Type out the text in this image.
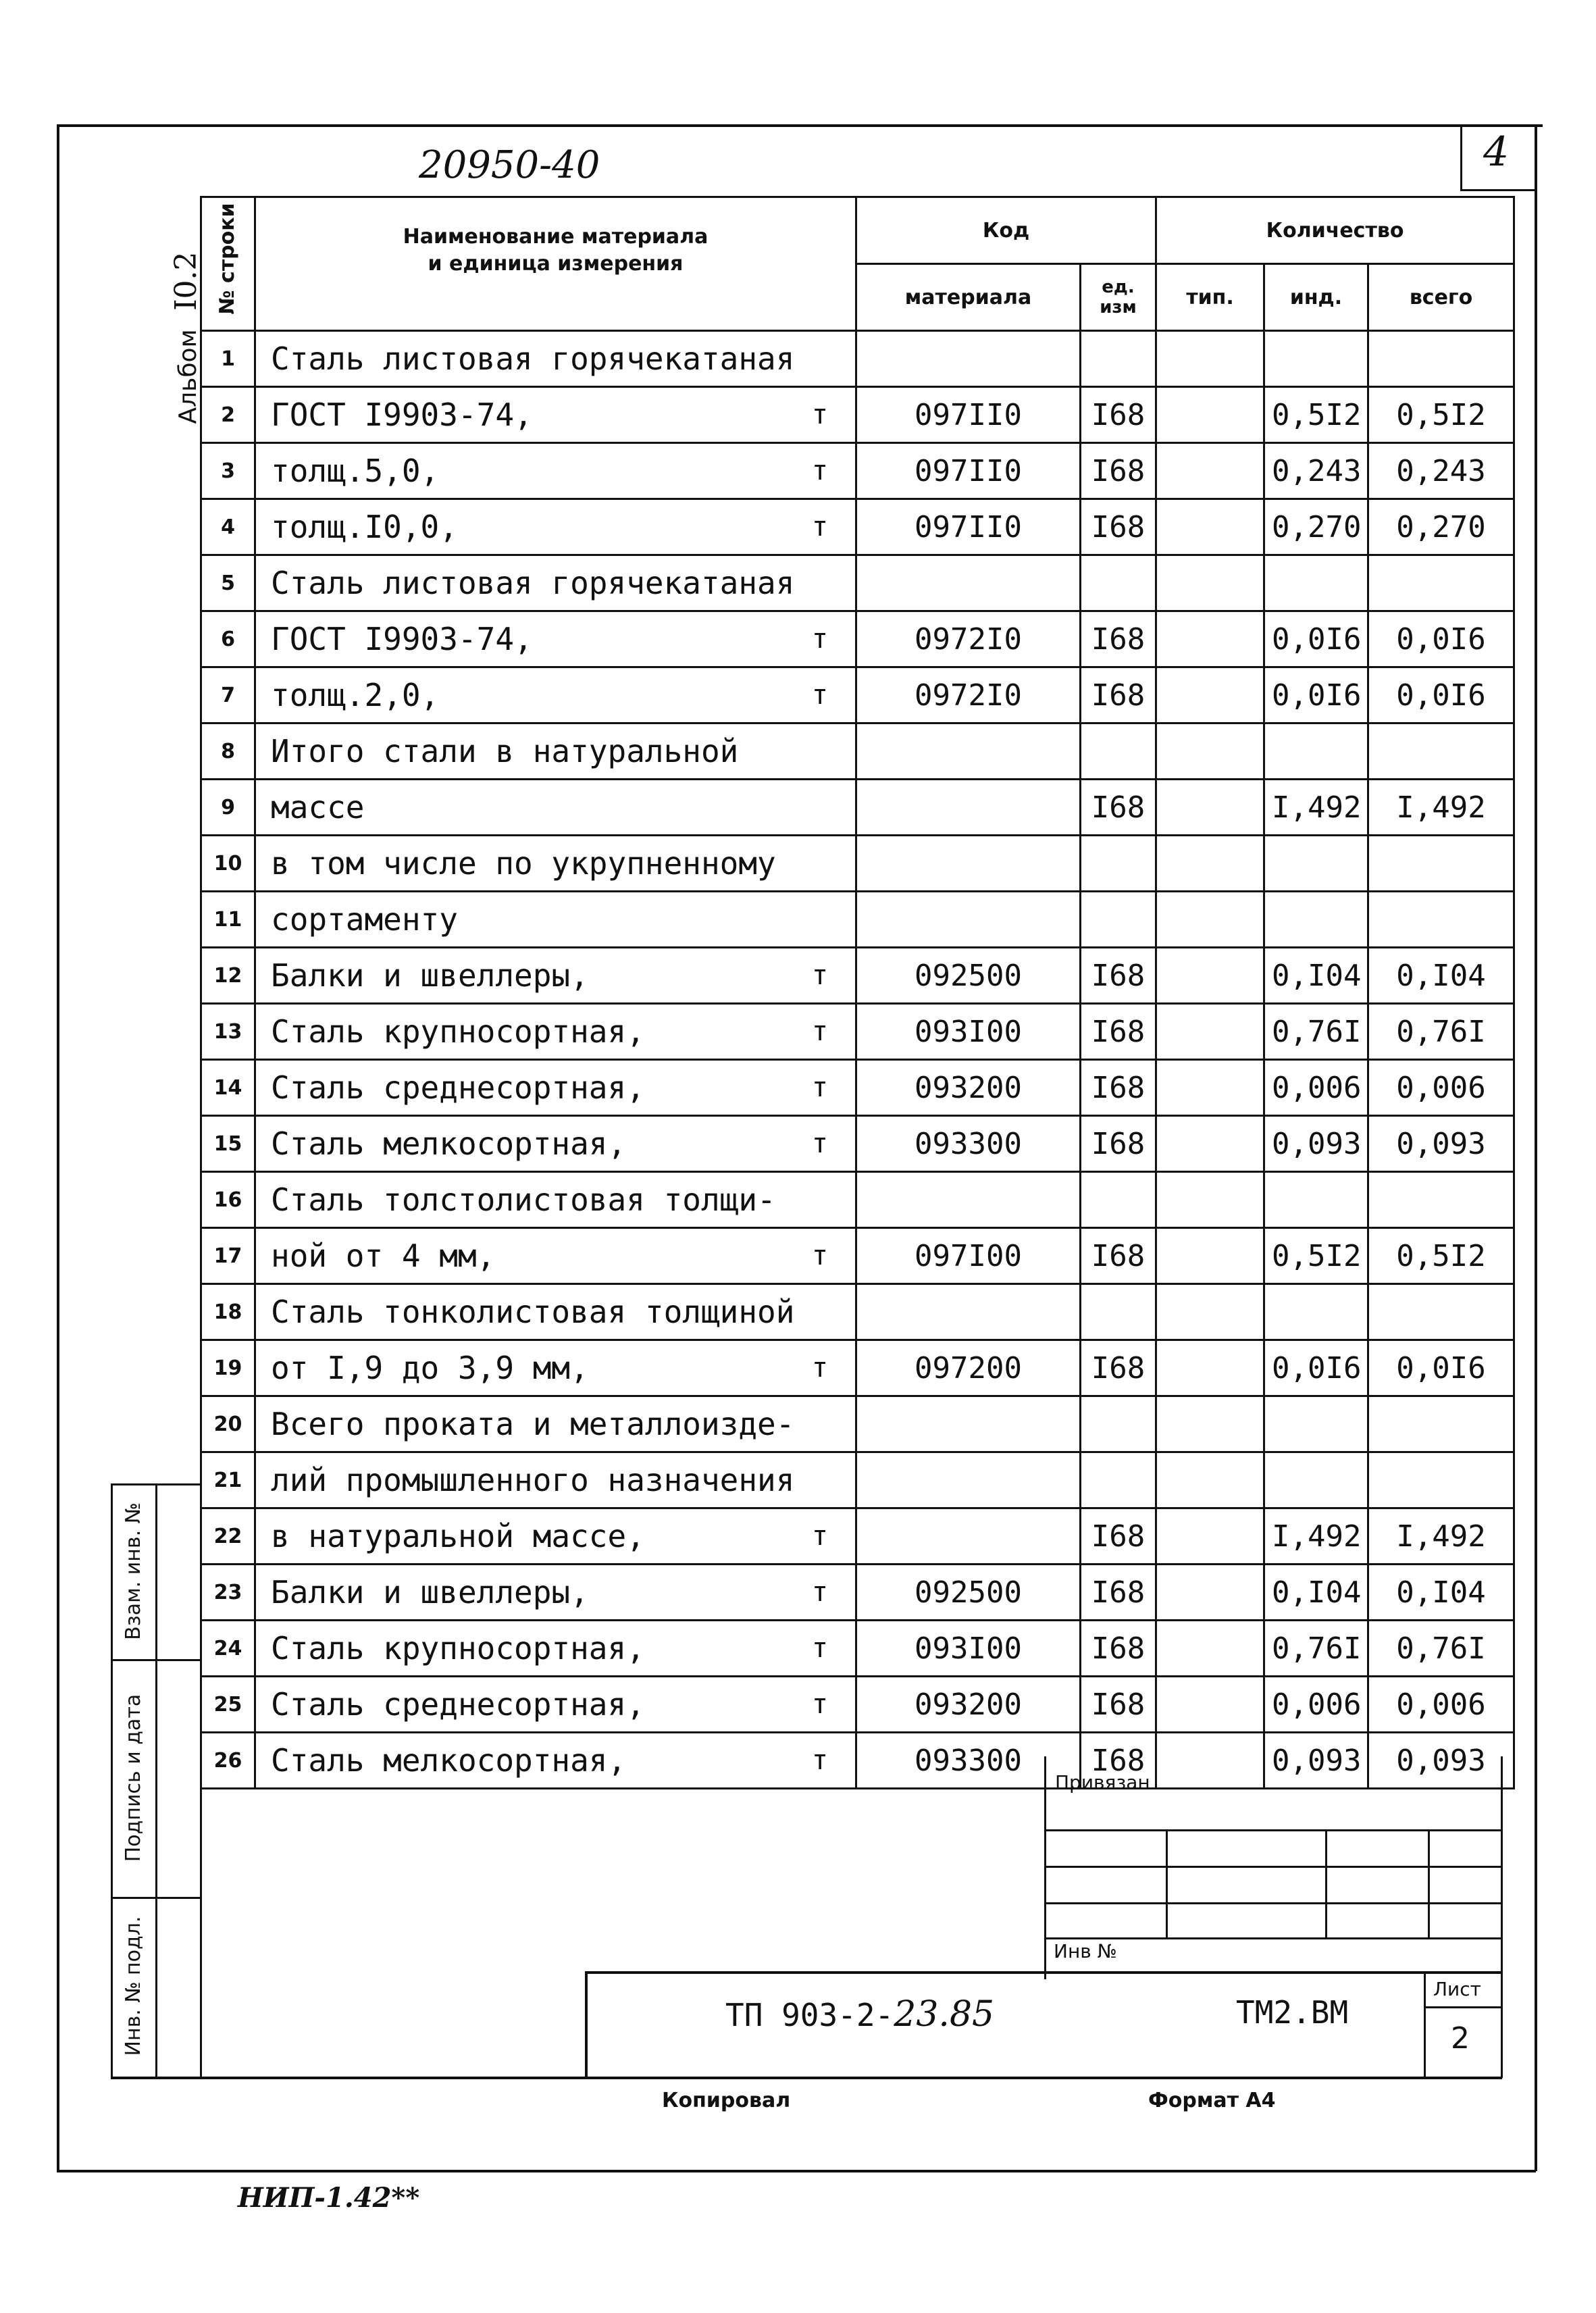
20950-40	4
Альбом I0.2 № строки	Наименование материала
и единица измерения	Код		Количество		
		материала	ед. изм	тип.	инд.	всего
1	Сталь листовая горячекатаная

2	ГОСТ I9903-74, т	097II0	I68		0,5I2	0,5I2
3	толщ.5,0, т	097II0	I68		0,243	0,243
4	толщ.I0,0, т	097II0	I68		0,270	0,270
5	Сталь листовая горячекатаная

6	ГОСТ I9903-74, т	0972I0	I68		0,0I6	0,0I6
7	толщ.2,0, т	0972I0	I68		0,0I6	0,0I6
8	Итого стали в натуральной

9	массе		I68		I,492	I,492
10	в том числе по укрупненному

11	сортаменту

12	Балки и швеллеры, т	092500	I68		0,I04	0,I04
13	Сталь крупносортная, т	093I00	I68		0,76I	0,76I
14	Сталь среднесортная, т	093200	I68		0,006	0,006
15	Сталь мелкосортная, т	093300	I68		0,093	0,093
16	Сталь толстолистовая толщи-

17	ной от 4 мм, т	097I00	I68		0,5I2	0,5I2
18	Сталь тонколистовая толщиной

19	от I,9 до 3,9 мм, т	097200	I68		0,0I6	0,0I6
20	Всего проката и металлоизде-

21	лий промышленного назначения

22	в натуральной массе, т		I68		I,492	I,492
23	Балки и швеллеры, т	092500	I68		0,I04	0,I04
24	Сталь крупносортная, т	093I00	I68		0,76I	0,76I
25	Сталь среднесортная, т	093200	I68		0,006	0,006
26	Сталь мелкосортная, т	093300	I68		0,093	0,093
Взам. инв. №
Подпись и дата
Инв. № подл.
Привязан
Инв №
ТП 903-2-23.85	ТМ2.ВМ
Лист
2
Копировал	Формат А4
НИП-1.42**
